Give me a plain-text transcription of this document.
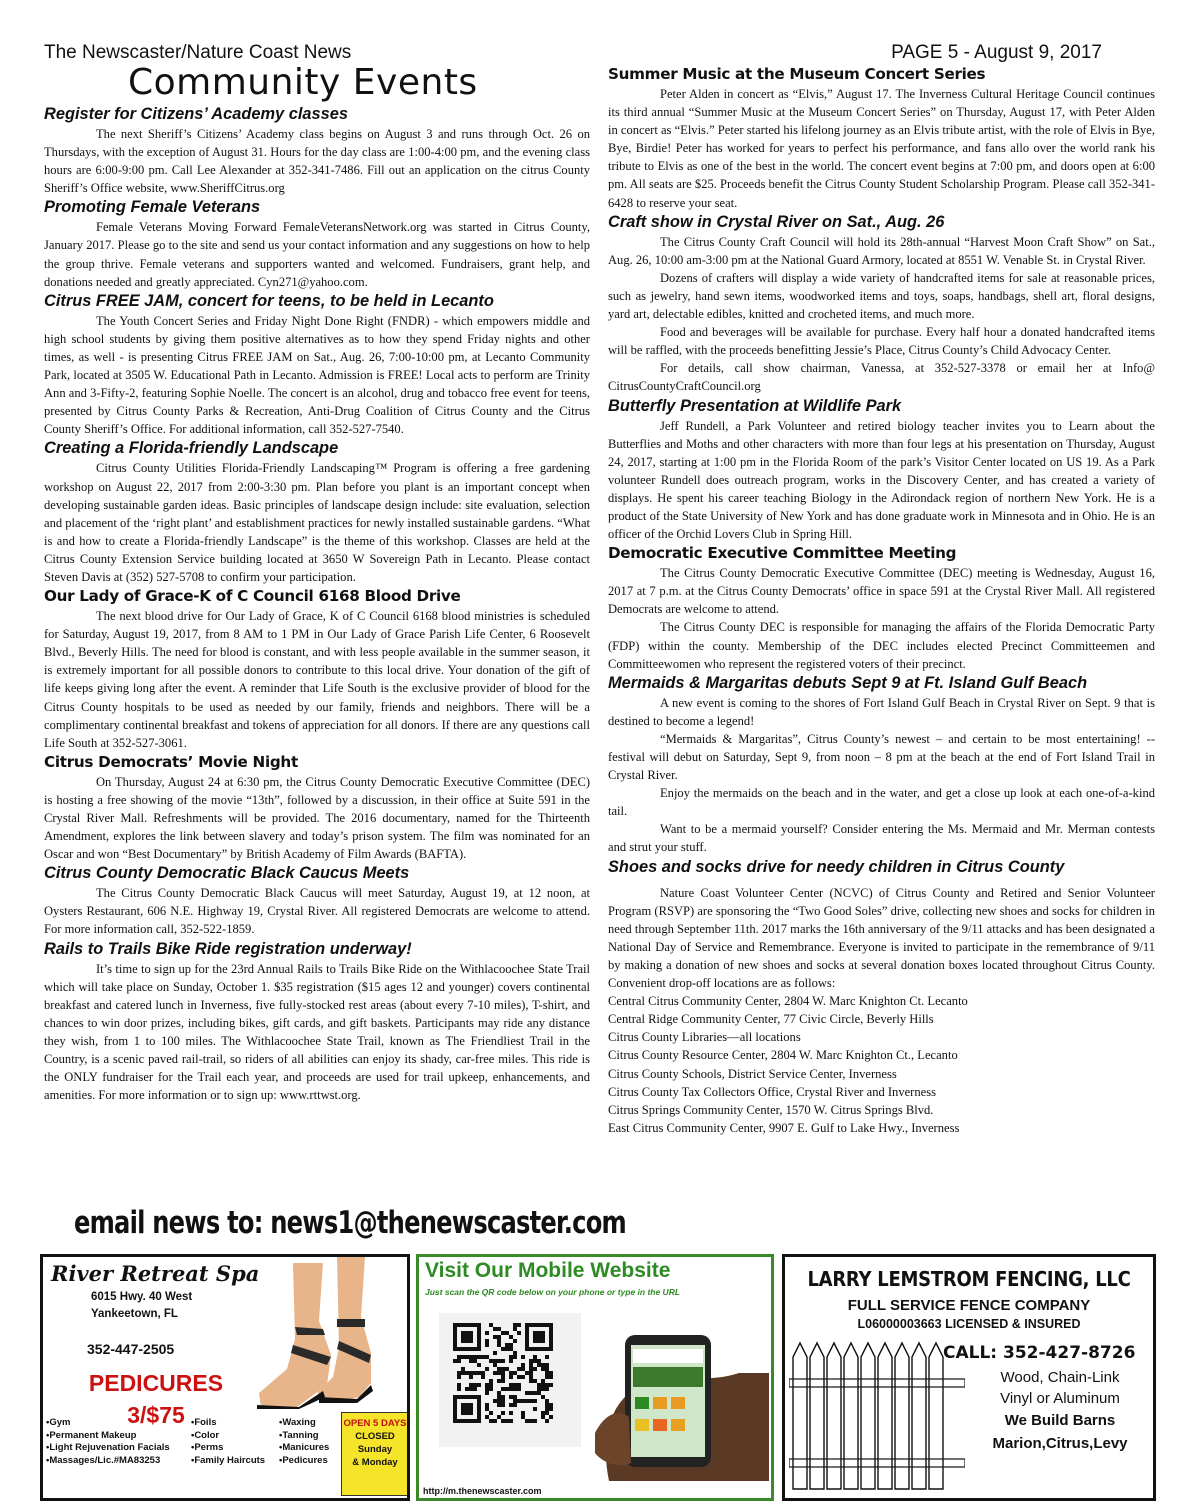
The Newscaster/Nature Coast News	PAGE 5 - August 9, 2017
Community Events
Register for Citizens’ Academy classes

The next Sheriff’s Citizens’ Academy class begins on August 3 and runs through Oct. 26 on Thursdays, with the exception of August 31. Hours for the day class are 1:00-4:00 pm, and the evening class hours are 6:00-9:00 pm. Call Lee Alexander at 352-341-7486. Fill out an application on the citrus County Sheriff’s Office website, www.SheriffCitrus.org

Promoting Female Veterans

Female Veterans Moving Forward FemaleVeteransNetwork.org was started in Citrus County, January 2017. Please go to the site and send us your contact information and any suggestions on how to help the group thrive. Female veterans and supporters wanted and welcomed. Fundraisers, grant help, and donations needed and greatly appreciated. Cyn271@yahoo.com.

Citrus FREE JAM, concert for teens, to be held in Lecanto

The Youth Concert Series and Friday Night Done Right (FNDR) - which empowers middle and high school students by giving them positive alternatives as to how they spend Friday nights and other times, as well - is presenting Citrus FREE JAM on Sat., Aug. 26, 7:00-10:00 pm, at Lecanto Community Park, located at 3505 W. Educational Path in Lecanto. Admission is FREE! Local acts to perform are Trinity Ann and 3-Fifty-2, featuring Sophie Noelle. The concert is an alcohol, drug and tobacco free event for teens, presented by Citrus County Parks & Recreation, Anti-Drug Coalition of Citrus County and the Citrus County Sheriff’s Office. For additional information, call 352-527-7540.

Creating a Florida-friendly Landscape

Citrus County Utilities Florida-Friendly Landscaping™ Program is offering a free gardening workshop on August 22, 2017 from 2:00-3:30 pm. Plan before you plant is an important concept when developing sustainable garden ideas. Basic principles of landscape design include: site evaluation, selection and placement of the ‘right plant’ and establishment practices for newly installed sustainable gardens. “What is and how to create a Florida-friendly Landscape” is the theme of this workshop. Classes are held at the Citrus County Extension Service building located at 3650 W Sovereign Path in Lecanto. Please contact Steven Davis at (352) 527-5708 to confirm your participation.

Our Lady of Grace-K of C Council 6168 Blood Drive

The next blood drive for Our Lady of Grace, K of C Council 6168 blood ministries is scheduled for Saturday, August 19, 2017, from 8 AM to 1 PM in Our Lady of Grace Parish Life Center, 6 Roosevelt Blvd., Beverly Hills. The need for blood is constant, and with less people available in the summer season, it is extremely important for all possible donors to contribute to this local drive. Your donation of the gift of life keeps giving long after the event. A reminder that Life South is the exclusive provider of blood for the Citrus County hospitals to be used as needed by our family, friends and neighbors. There will be a complimentary continental breakfast and tokens of appreciation for all donors. If there are any questions call Life South at 352-527-3061.

Citrus Democrats’ Movie Night

On Thursday, August 24 at 6:30 pm, the Citrus County Democratic Executive Committee (DEC) is hosting a free showing of the movie “13th”, followed by a discussion, in their office at Suite 591 in the Crystal River Mall. Refreshments will be provided. The 2016 documentary, named for the Thirteenth Amendment, explores the link between slavery and today’s prison system. The film was nominated for an Oscar and won “Best Documentary” by British Academy of Film Awards (BAFTA).

Citrus County Democratic Black Caucus Meets

The Citrus County Democratic Black Caucus will meet Saturday, August 19, at 12 noon, at Oysters Restaurant, 606 N.E. Highway 19, Crystal River. All registered Democrats are welcome to attend. For more information call, 352-522-1859.

Rails to Trails Bike Ride registration underway!

It’s time to sign up for the 23rd Annual Rails to Trails Bike Ride on the Withlacoochee State Trail which will take place on Sunday, October 1. $35 registration ($15 ages 12 and younger) covers continental breakfast and catered lunch in Inverness, five fully-stocked rest areas (about every 7-10 miles), T-shirt, and chances to win door prizes, including bikes, gift cards, and gift baskets. Participants may ride any distance they wish, from 1 to 100 miles. The Withlacoochee State Trail, known as The Friendliest Trail in the Country, is a scenic paved rail-trail, so riders of all abilities can enjoy its shady, car-free miles. This ride is the ONLY fundraiser for the Trail each year, and proceeds are used for trail upkeep, enhancements, and amenities. For more information or to sign up: www.rttwst.org.

Summer Music at the Museum Concert Series

Peter Alden in concert as “Elvis,” August 17. The Inverness Cultural Heritage Council continues its third annual “Summer Music at the Museum Concert Series” on Thursday, August 17, with Peter Alden in concert as “Elvis.” Peter started his lifelong journey as an Elvis tribute artist, with the role of Elvis in Bye, Bye, Birdie! Peter has worked for years to perfect his performance, and fans allo over the world rank his tribute to Elvis as one of the best in the world. The concert event begins at 7:00 pm, and doors open at 6:00 pm. All seats are $25. Proceeds benefit the Citrus County Student Scholarship Program. Please call 352-341-6428 to reserve your seat.

Craft show in Crystal River on Sat., Aug. 26

The Citrus County Craft Council will hold its 28th-annual “Harvest Moon Craft Show” on Sat., Aug. 26, 10:00 am-3:00 pm at the National Guard Armory, located at 8551 W. Venable St. in Crystal River.

Dozens of crafters will display a wide variety of handcrafted items for sale at reasonable prices, such as jewelry, hand sewn items, woodworked items and toys, soaps, handbags, shell art, floral designs, yard art, delectable edibles, knitted and crocheted items, and much more.

Food and beverages will be available for purchase. Every half hour a donated handcrafted items will be raffled, with the proceeds benefitting Jessie’s Place, Citrus County’s Child Advocacy Center.

For details, call show chairman, Vanessa, at 352-527-3378 or email her at Info@ CitrusCountyCraftCouncil.org

Butterfly Presentation at Wildlife Park

Jeff Rundell, a Park Volunteer and retired biology teacher invites you to Learn about the Butterflies and Moths and other characters with more than four legs at his presentation on Thursday, August 24, 2017, starting at 1:00 pm in the Florida Room of the park’s Visitor Center located on US 19. As a Park volunteer Rundell does outreach program, works in the Discovery Center, and has created a variety of displays. He spent his career teaching Biology in the Adirondack region of northern New York. He is a product of the State University of New York and has done graduate work in Minnesota and in Ohio. He is an officer of the Orchid Lovers Club in Spring Hill.

Democratic Executive Committee Meeting

The Citrus County Democratic Executive Committee (DEC) meeting is Wednesday, August 16, 2017 at 7 p.m. at the Citrus County Democrats’ office in space 591 at the Crystal River Mall. All registered Democrats are welcome to attend.

The Citrus County DEC is responsible for managing the affairs of the Florida Democratic Party (FDP) within the county. Membership of the DEC includes elected Precinct Committeemen and Committeewomen who represent the registered voters of their precinct.

Mermaids & Margaritas debuts Sept 9 at Ft. Island Gulf Beach

A new event is coming to the shores of Fort Island Gulf Beach in Crystal River on Sept. 9 that is destined to become a legend!

“Mermaids & Margaritas”, Citrus County’s newest – and certain to be most entertaining! -- festival will debut on Saturday, Sept 9, from noon – 8 pm at the beach at the end of Fort Island Trail in Crystal River.

Enjoy the mermaids on the beach and in the water, and get a close up look at each one-of-a-kind tail.

Want to be a mermaid yourself? Consider entering the Ms. Mermaid and Mr. Merman contests and strut your stuff.

Shoes and socks drive for needy children in Citrus County

Nature Coast Volunteer Center (NCVC) of Citrus County and Retired and Senior Volunteer Program (RSVP) are sponsoring the “Two Good Soles” drive, collecting new shoes and socks for children in need through September 11th. 2017 marks the 16th anniversary of the 9/11 attacks and has been designated a National Day of Service and Remembrance. Everyone is invited to participate in the remembrance of 9/11 by making a donation of new shoes and socks at several donation boxes located throughout Citrus County. Convenient drop-off locations are as follows:

Central Citrus Community Center, 2804 W. Marc Knighton Ct. Lecanto
Central Ridge Community Center, 77 Civic Circle, Beverly Hills
Citrus County Libraries—all locations
Citrus County Resource Center, 2804 W. Marc Knighton Ct., Lecanto
Citrus County Schools, District Service Center, Inverness
Citrus County Tax Collectors Office, Crystal River and Inverness
Citrus Springs Community Center, 1570 W. Citrus Springs Blvd.
East Citrus Community Center, 9907 E. Gulf to Lake Hwy., Inverness
email news to: news1@thenewscaster.com
River Retreat Spa
6015 Hwy. 40 West
Yankeetown, FL
352-447-2505
PEDICURES
3/$75
•Gym
•Permanent Makeup
•Light Rejuvenation Facials
•Massages/Lic.#MA83253
•Foils
•Color
•Perms
•Family Haircuts
•Waxing
•Tanning
•Manicures
•Pedicures
OPEN 5 DAYS
CLOSED
Sunday
& Monday
Visit Our Mobile Website
Just scan the QR code below on your phone or type in the URL
http://m.thenewscaster.com
LARRY LEMSTROM FENCING, LLC
FULL SERVICE FENCE COMPANY
L06000003663 LICENSED & INSURED
CALL: 352-427-8726
Wood, Chain-Link
Vinyl or Aluminum
We Build Barns
Marion,Citrus,Levy
